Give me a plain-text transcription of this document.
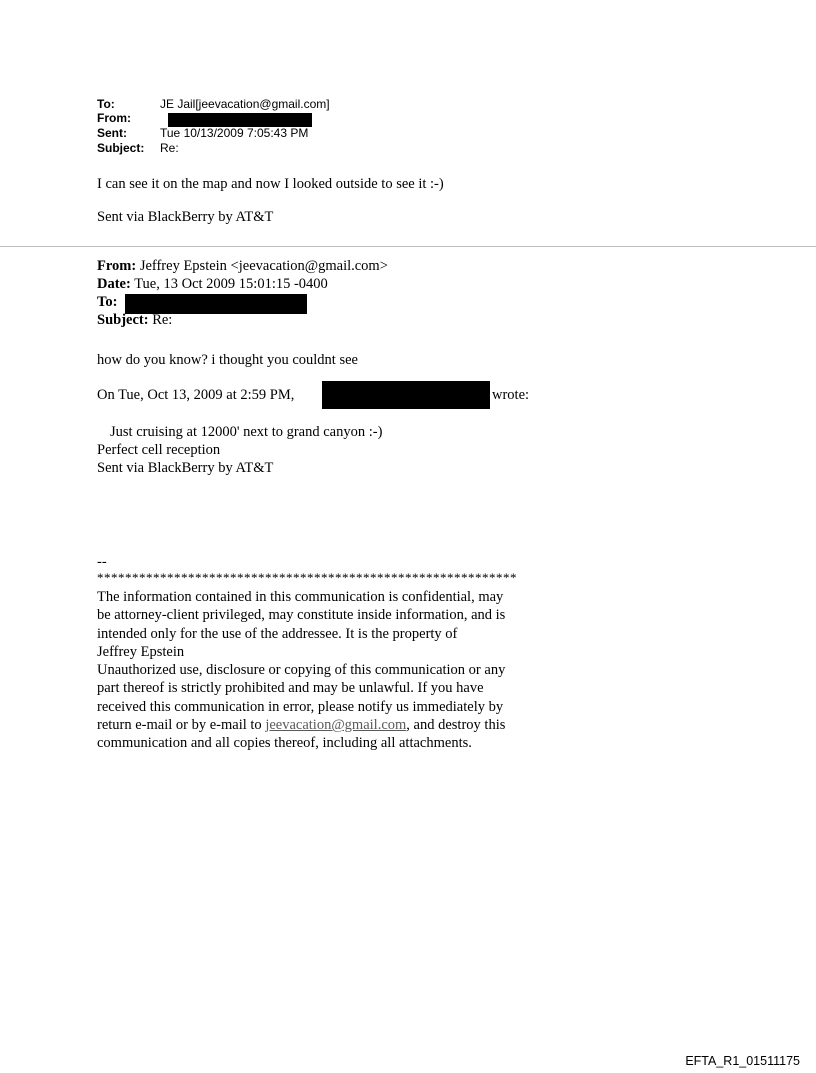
To:	JE Jail[jeevacation@gmail.com]
From:
Sent:	Tue 10/13/2009 7:05:43 PM
Subject: Re:
I can see it on the map and now I looked outside to see it :-)
Sent via BlackBerry by AT&T
From: Jeffrey Epstein <jeevacation@gmail.com>
Date: Tue, 13 Oct 2009 15:01:15 -0400
To:
Subject: Re:
how do you know? i thought you couldnt see
On Tue, Oct 13, 2009 at 2:59 PM,	wrote:
Just cruising at 12000' next to grand canyon :-)
Perfect cell reception
Sent via BlackBerry by AT&T
--
************************************************************
The information contained in this communication is confidential, may be attorney-client privileged, may constitute inside information, and is intended only for the use of the addressee. It is the property of
Jeffrey Epstein
Unauthorized use, disclosure or copying of this communication or any part thereof is strictly prohibited and may be unlawful. If you have received this communication in error, please notify us immediately by return e-mail or by e-mail to jeevacation@gmail.com, and destroy this communication and all copies thereof, including all attachments.
EFTA_R1_01511175
